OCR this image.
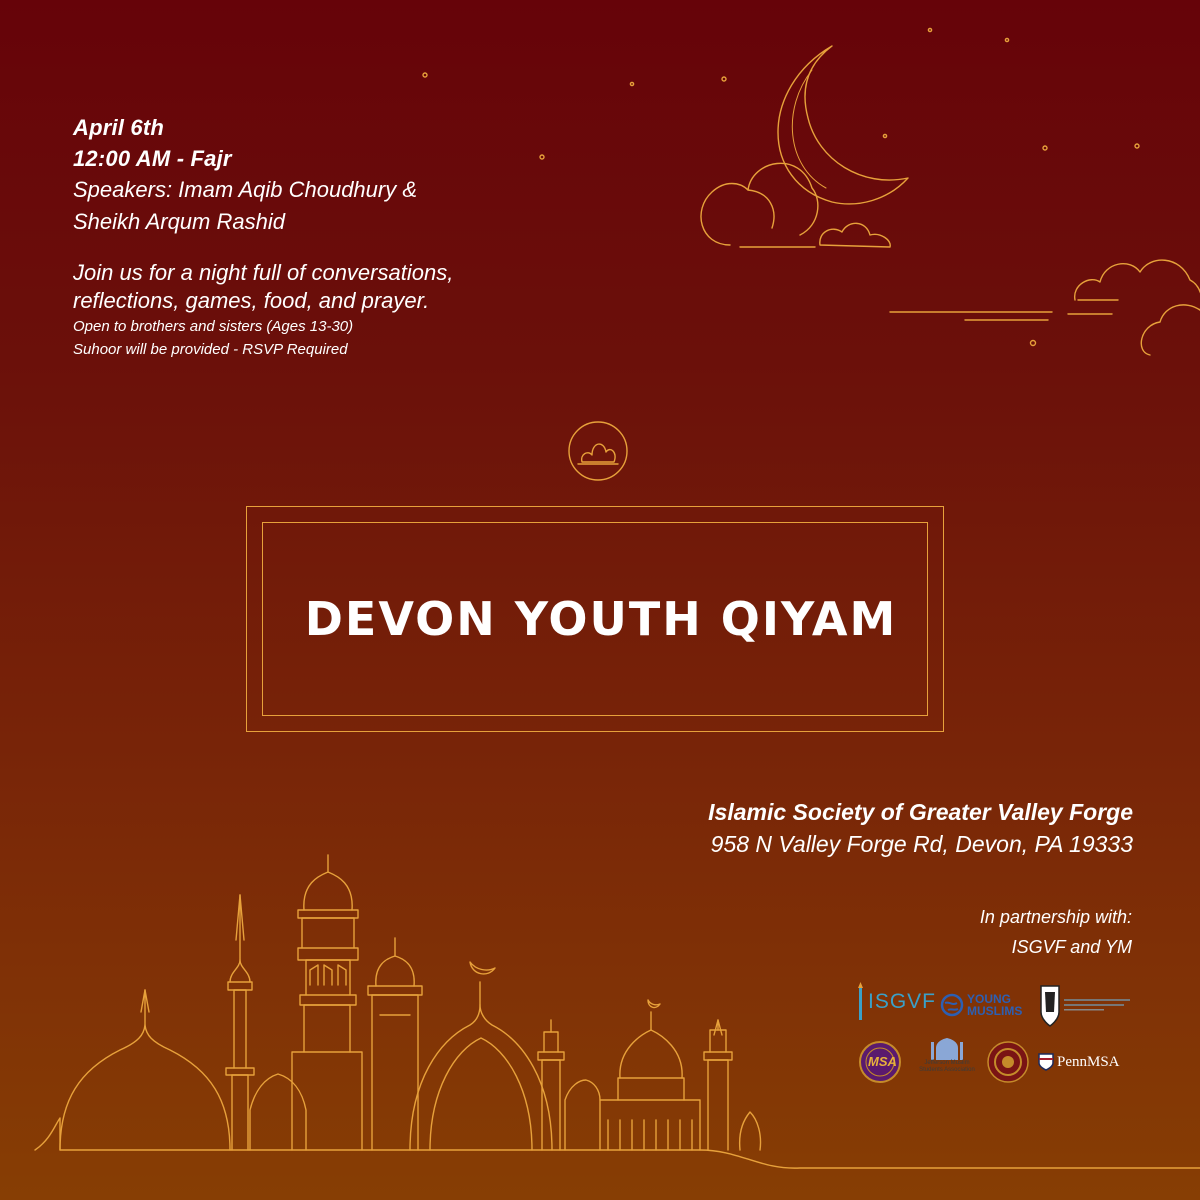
April 6th
12:00 AM - Fajr
Speakers: Imam Aqib Choudhury &
Sheikh Arqum Rashid
Join us for a night full of conversations,
reflections, games, food, and prayer.
Open to brothers and sisters (Ages 13-30)
Suhoor will be provided - RSVP Required
DEVON YOUTH QIYAM
Islamic Society of Greater Valley Forge
958 N Valley Forge Rd, Devon, PA 19333
In partnership with:
ISGVF and YM
ISGVF	YOUNG
MUSLIMS
MSA	Jefferson Muslim
Students Association
PennMSA
